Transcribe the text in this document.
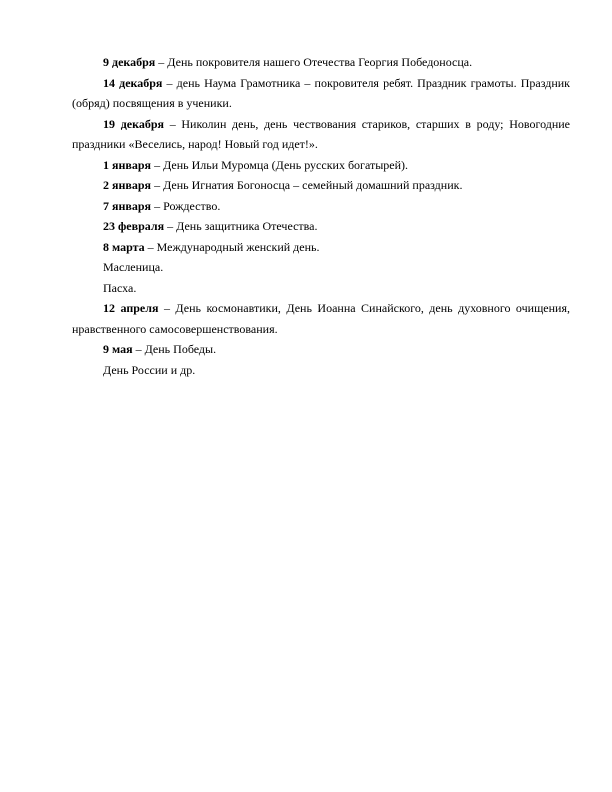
9 декабря – День покровителя нашего Отечества Георгия Победоносца.

14 декабря – день Наума Грамотника – покровителя ребят. Праздник грамоты. Праздник (обряд) посвящения в ученики.

19 декабря – Николин день, день чествования стариков, старших в роду; Новогодние праздники «Веселись, народ! Новый год идет!».

1 января – День Ильи Муромца (День русских богатырей).

2 января – День Игнатия Богоносца – семейный домашний праздник.

7 января – Рождество.

23 февраля – День защитника Отечества.

8 марта – Международный женский день.

Масленица.

Пасха.

12 апреля – День космонавтики, День Иоанна Синайского, день духовного очищения, нравственного самосовершенствования.

9 мая – День Победы.

День России и др.
